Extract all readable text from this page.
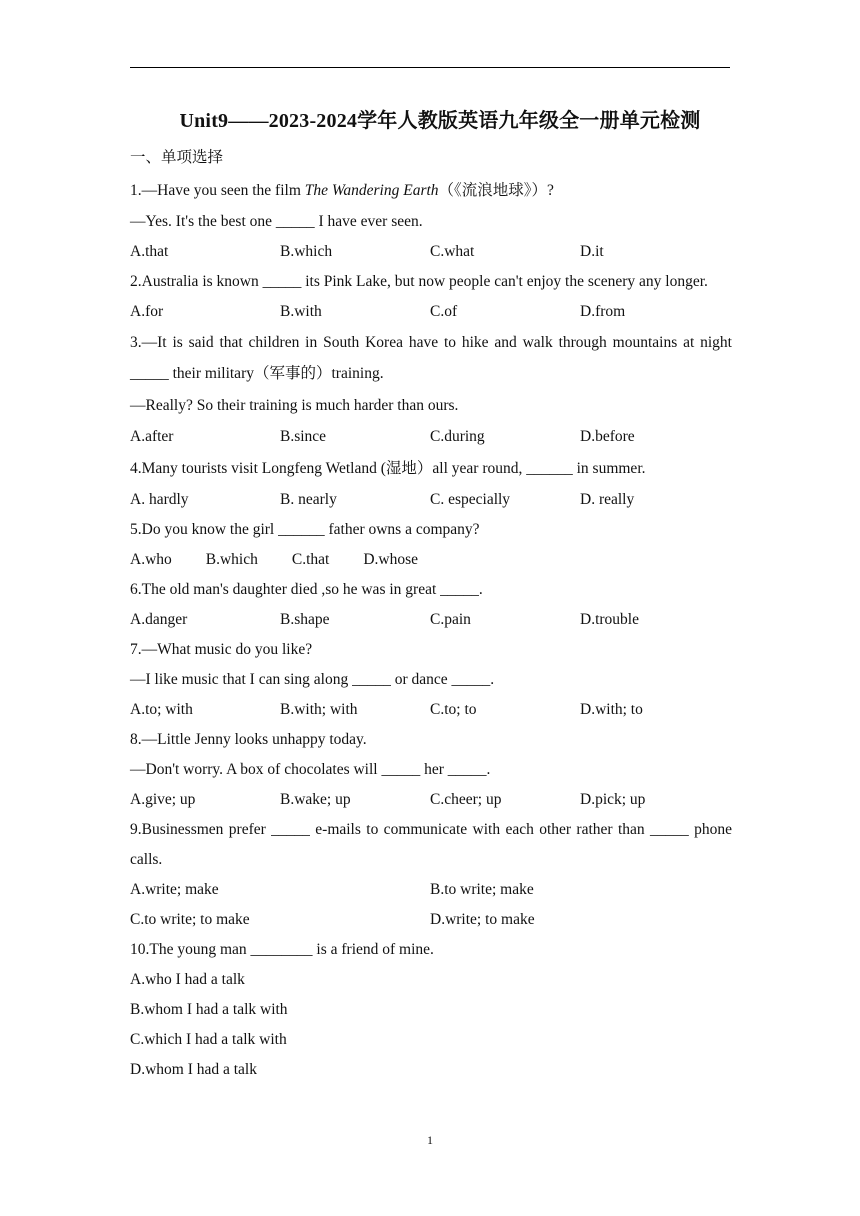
Unit9——2023-2024学年人教版英语九年级全一册单元检测
一、单项选择
1.—Have you seen the film The Wandering Earth（《流浪地球》）?
—Yes. It's the best one _____ I have ever seen.
A.that	B.which	C.what	D.it
2.Australia is known _____ its Pink Lake, but now people can't enjoy the scenery any longer.
A.for	B.with	C.of	D.from
3.—It is said that children in South Korea have to hike and walk through mountains at night _____ their military（军事的）training.
—Really? So their training is much harder than ours.
A.after	B.since	C.during	D.before
4.Many tourists visit Longfeng Wetland (湿地）all year round, ______ in summer.
A. hardly	B. nearly	C. especially	D. really
5.Do you know the girl ______ father owns a company?
A.who B.which C.that D.whose
6.The old man's daughter died ,so he was in great _____.
A.danger	B.shape	C.pain	D.trouble
7.—What music do you like?
—I like music that I can sing along _____ or dance _____.
A.to; with	B.with; with	C.to; to	D.with; to
8.—Little Jenny looks unhappy today.
—Don't worry. A box of chocolates will _____ her _____.
A.give; up	B.wake; up	C.cheer; up	D.pick; up
9.Businessmen prefer _____ e-mails to communicate with each other rather than _____ phone calls.
A.write; make	B.to write; make
C.to write; to make	D.write; to make
10.The young man ________ is a friend of mine.
A.who I had a talk
B.whom I had a talk with
C.which I had a talk with
D.whom I had a talk
1
